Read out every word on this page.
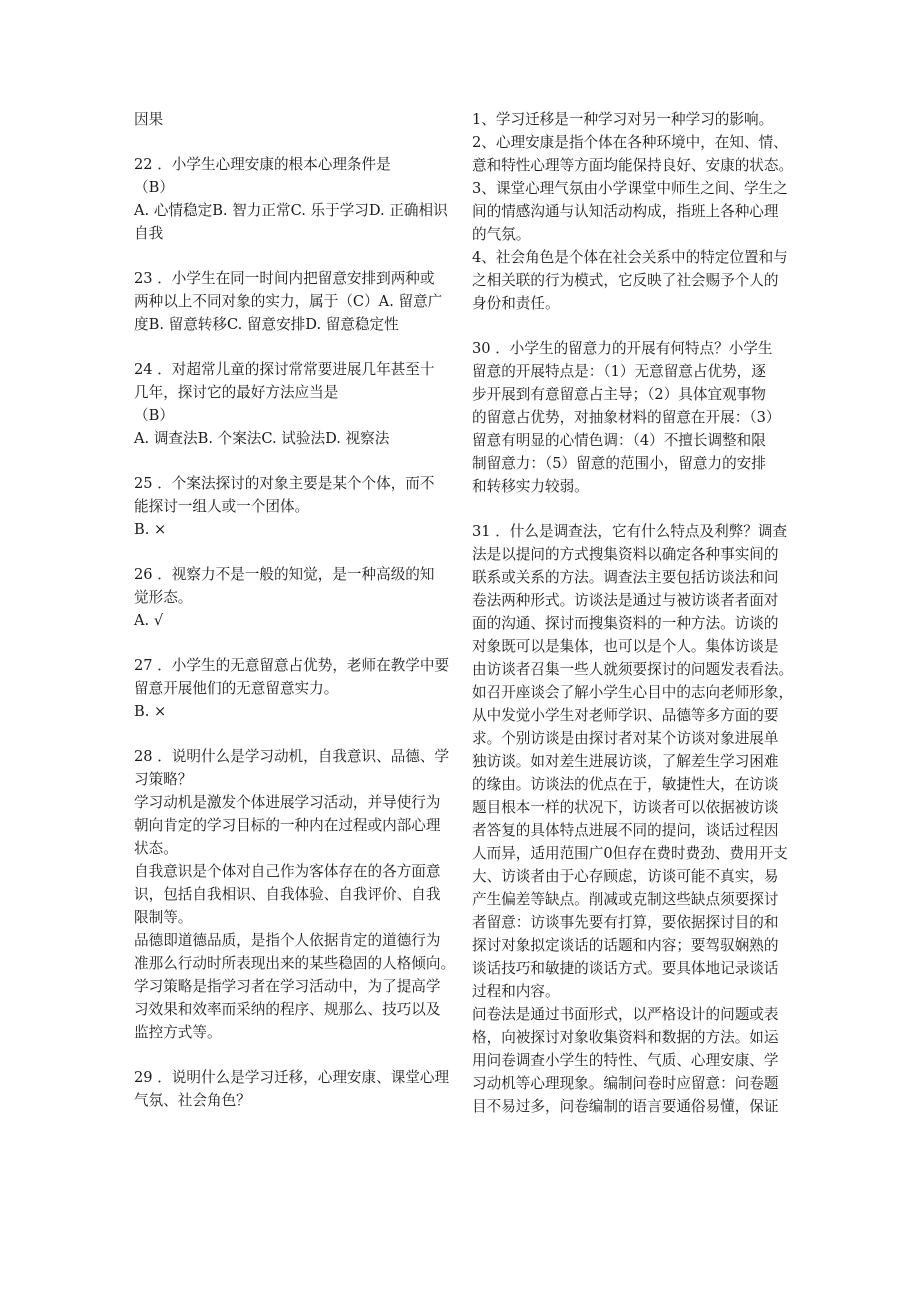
因果
22 ．小学生心理安康的根本心理条件是
（B）
A. 心情稳定B. 智力正常C. 乐于学习D. 正确相识
自我
23 ．小学生在同一时间内把留意安排到两种或
两种以上不同对象的实力，属于（C）A. 留意广
度B. 留意转移C. 留意安排D. 留意稳定性
24 ．对超常儿童的探讨常常要进展几年甚至十
几年，探讨它的最好方法应当是
（B）
A. 调查法B. 个案法C. 试验法D. 视察法
25 ．个案法探讨的对象主要是某个个体，而不
能探讨一组人或一个团体。
B. ×
26 ．视察力不是一般的知觉，是一种高级的知
觉形态。
A. √
27 ．小学生的无意留意占优势，老师在教学中要
留意开展他们的无意留意实力。
B. ×
28 ．说明什么是学习动机，自我意识、品德、学
习策略？
学习动机是激发个体进展学习活动，并导使行为
朝向肯定的学习目标的一种内在过程或内部心理
状态。
自我意识是个体对自己作为客体存在的各方面意
识，包括自我相识、自我体验、自我评价、自我
限制等。
品德即道德品质，是指个人依据肯定的道德行为
准那么行动时所表现出来的某些稳固的人格倾向。
学习策略是指学习者在学习活动中，为了提高学
习效果和效率而采纳的程序、规那么、技巧以及
监控方式等。
29 ．说明什么是学习迁移，心理安康、课堂心理
气氛、社会角色？
1、学习迁移是一种学习对另一种学习的影响。
2、心理安康是指个体在各种环境中，在知、情、
意和特性心理等方面均能保持良好、安康的状态。
3、课堂心理气氛由小学课堂中师生之间、学生之
间的情感沟通与认知活动构成，指班上各种心理
的气氛。
4、社会角色是个体在社会关系中的特定位置和与
之相关联的行为模式，它反映了社会赐予个人的
身份和责任。
30 ．小学生的留意力的开展有何特点？小学生
留意的开展特点是：（1）无意留意占优势，逐
步开展到有意留意占主导；（2）具体宜观事物
的留意占优势，对抽象材料的留意在开展：（3）
留意有明显的心情色调：（4）不擅长调整和限
制留意力：（5）留意的范围小，留意力的安排
和转移实力较弱。
31 ．什么是调查法，它有什么特点及利弊？调查
法是以提问的方式搜集资料以确定各种事实间的
联系或关系的方法。调查法主要包括访谈法和问
卷法两种形式。访谈法是通过与被访谈者者面对
面的沟通、探讨而搜集资料的一种方法。访谈的
对象既可以是集体，也可以是个人。集体访谈是
由访谈者召集一些人就须要探讨的问题发表看法。
如召开座谈会了解小学生心目中的志向老师形象，
从中发觉小学生对老师学识、品德等多方面的要
求。个别访谈是由探讨者对某个访谈对象进展单
独访谈。如对差生进展访谈，了解差生学习困难
的缘由。访谈法的优点在于，敏捷性大，在访谈
题目根本一样的状况下，访谈者可以依据被访谈
者答复的具体特点进展不同的提问，谈话过程因
人而异，适用范围广0但存在费时费劲、费用开支
大、访谈者由于心存顾虑，访谈可能不真实，易
产生偏差等缺点。削减或克制这些缺点须要探讨
者留意：访谈事先要有打算，要依据探讨目的和
探讨对象拟定谈话的话题和内容；要驾驭娴熟的
谈话技巧和敏捷的谈话方式。要具体地记录谈话
过程和内容。
问卷法是通过书面形式，以严格设计的问题或表
格，向被探讨对象收集资料和数据的方法。如运
用问卷调查小学生的特性、气质、心理安康、学
习动机等心理现象。编制问卷时应留意：问卷题
目不易过多，问卷编制的语言要通俗易懂，保证
